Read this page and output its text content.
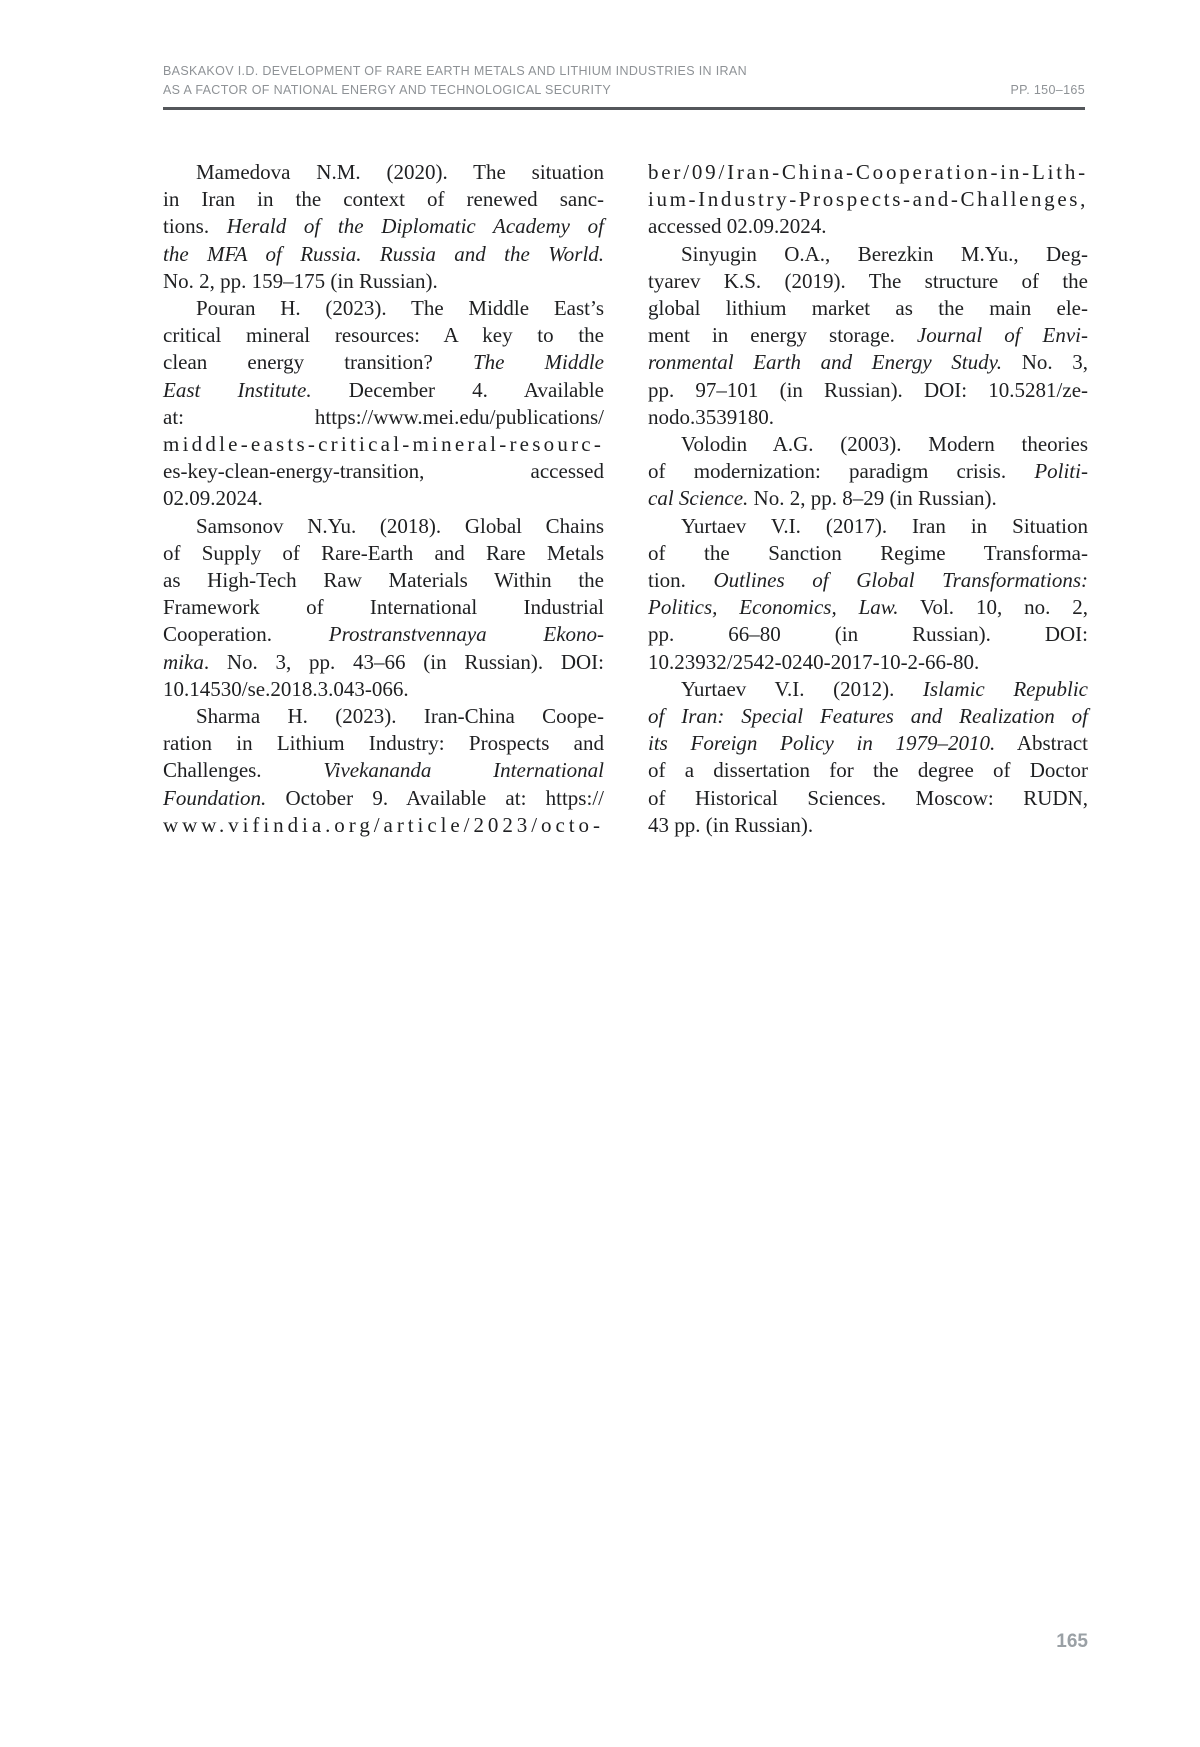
BASKAKOV I.D. DEVELOPMENT OF RARE EARTH METALS AND LITHIUM INDUSTRIES IN IRAN
AS A FACTOR OF NATIONAL ENERGY AND TECHNOLOGICAL SECURITY	PP. 150–165
Mamedova N.M. (2020). The situation
in Iran in the context of renewed sanc-
tions. Herald of the Diplomatic Academy of
the MFA of Russia. Russia and the World.
No. 2, pp. 159–175 (in Russian).
Pouran H. (2023). The Middle East’s
critical mineral resources: A key to the
clean energy transition? The Middle
East Institute. December 4. Available
at: https://www.mei.edu/publications/
middle-easts-critical-mineral-resourc-
es-key-clean-energy-transition, accessed
02.09.2024.
Samsonov N.Yu. (2018). Global Chains
of Supply of Rare-Earth and Rare Metals
as High-Tech Raw Materials Within the
Framework of International Industrial
Cooperation. Prostranstvennaya Ekono-
mika. No. 3, pp. 43–66 (in Russian). DOI:
10.14530/se.2018.3.043-066.
Sharma H. (2023). Iran-China Coope-
ration in Lithium Industry: Prospects and
Challenges. Vivekananda International
Foundation. October 9. Available at: https://
www.vifindia.org/article/2023/octo-
ber/09/Iran-China-Cooperation-in-Lith-
ium-Industry-Prospects-and-Challenges,
accessed 02.09.2024.
Sinyugin O.A., Berezkin M.Yu., Deg-
tyarev K.S. (2019). The structure of the
global lithium market as the main ele-
ment in energy storage. Journal of Envi-
ronmental Earth and Energy Study. No. 3,
pp. 97–101 (in Russian). DOI: 10.5281/ze-
nodo.3539180.
Volodin A.G. (2003). Modern theories
of modernization: paradigm crisis. Politi-
cal Science. No. 2, pp. 8–29 (in Russian).
Yurtaev V.I. (2017). Iran in Situation
of the Sanction Regime Transforma-
tion. Outlines of Global Transformations:
Politics, Economics, Law. Vol. 10, no. 2,
pp. 66–80 (in Russian). DOI:
10.23932/2542-0240-2017-10-2-66-80.
Yurtaev V.I. (2012). Islamic Republic
of Iran: Special Features and Realization of
its Foreign Policy in 1979–2010. Abstract
of a dissertation for the degree of Doctor
of Historical Sciences. Moscow: RUDN,
43 pp. (in Russian).
165
